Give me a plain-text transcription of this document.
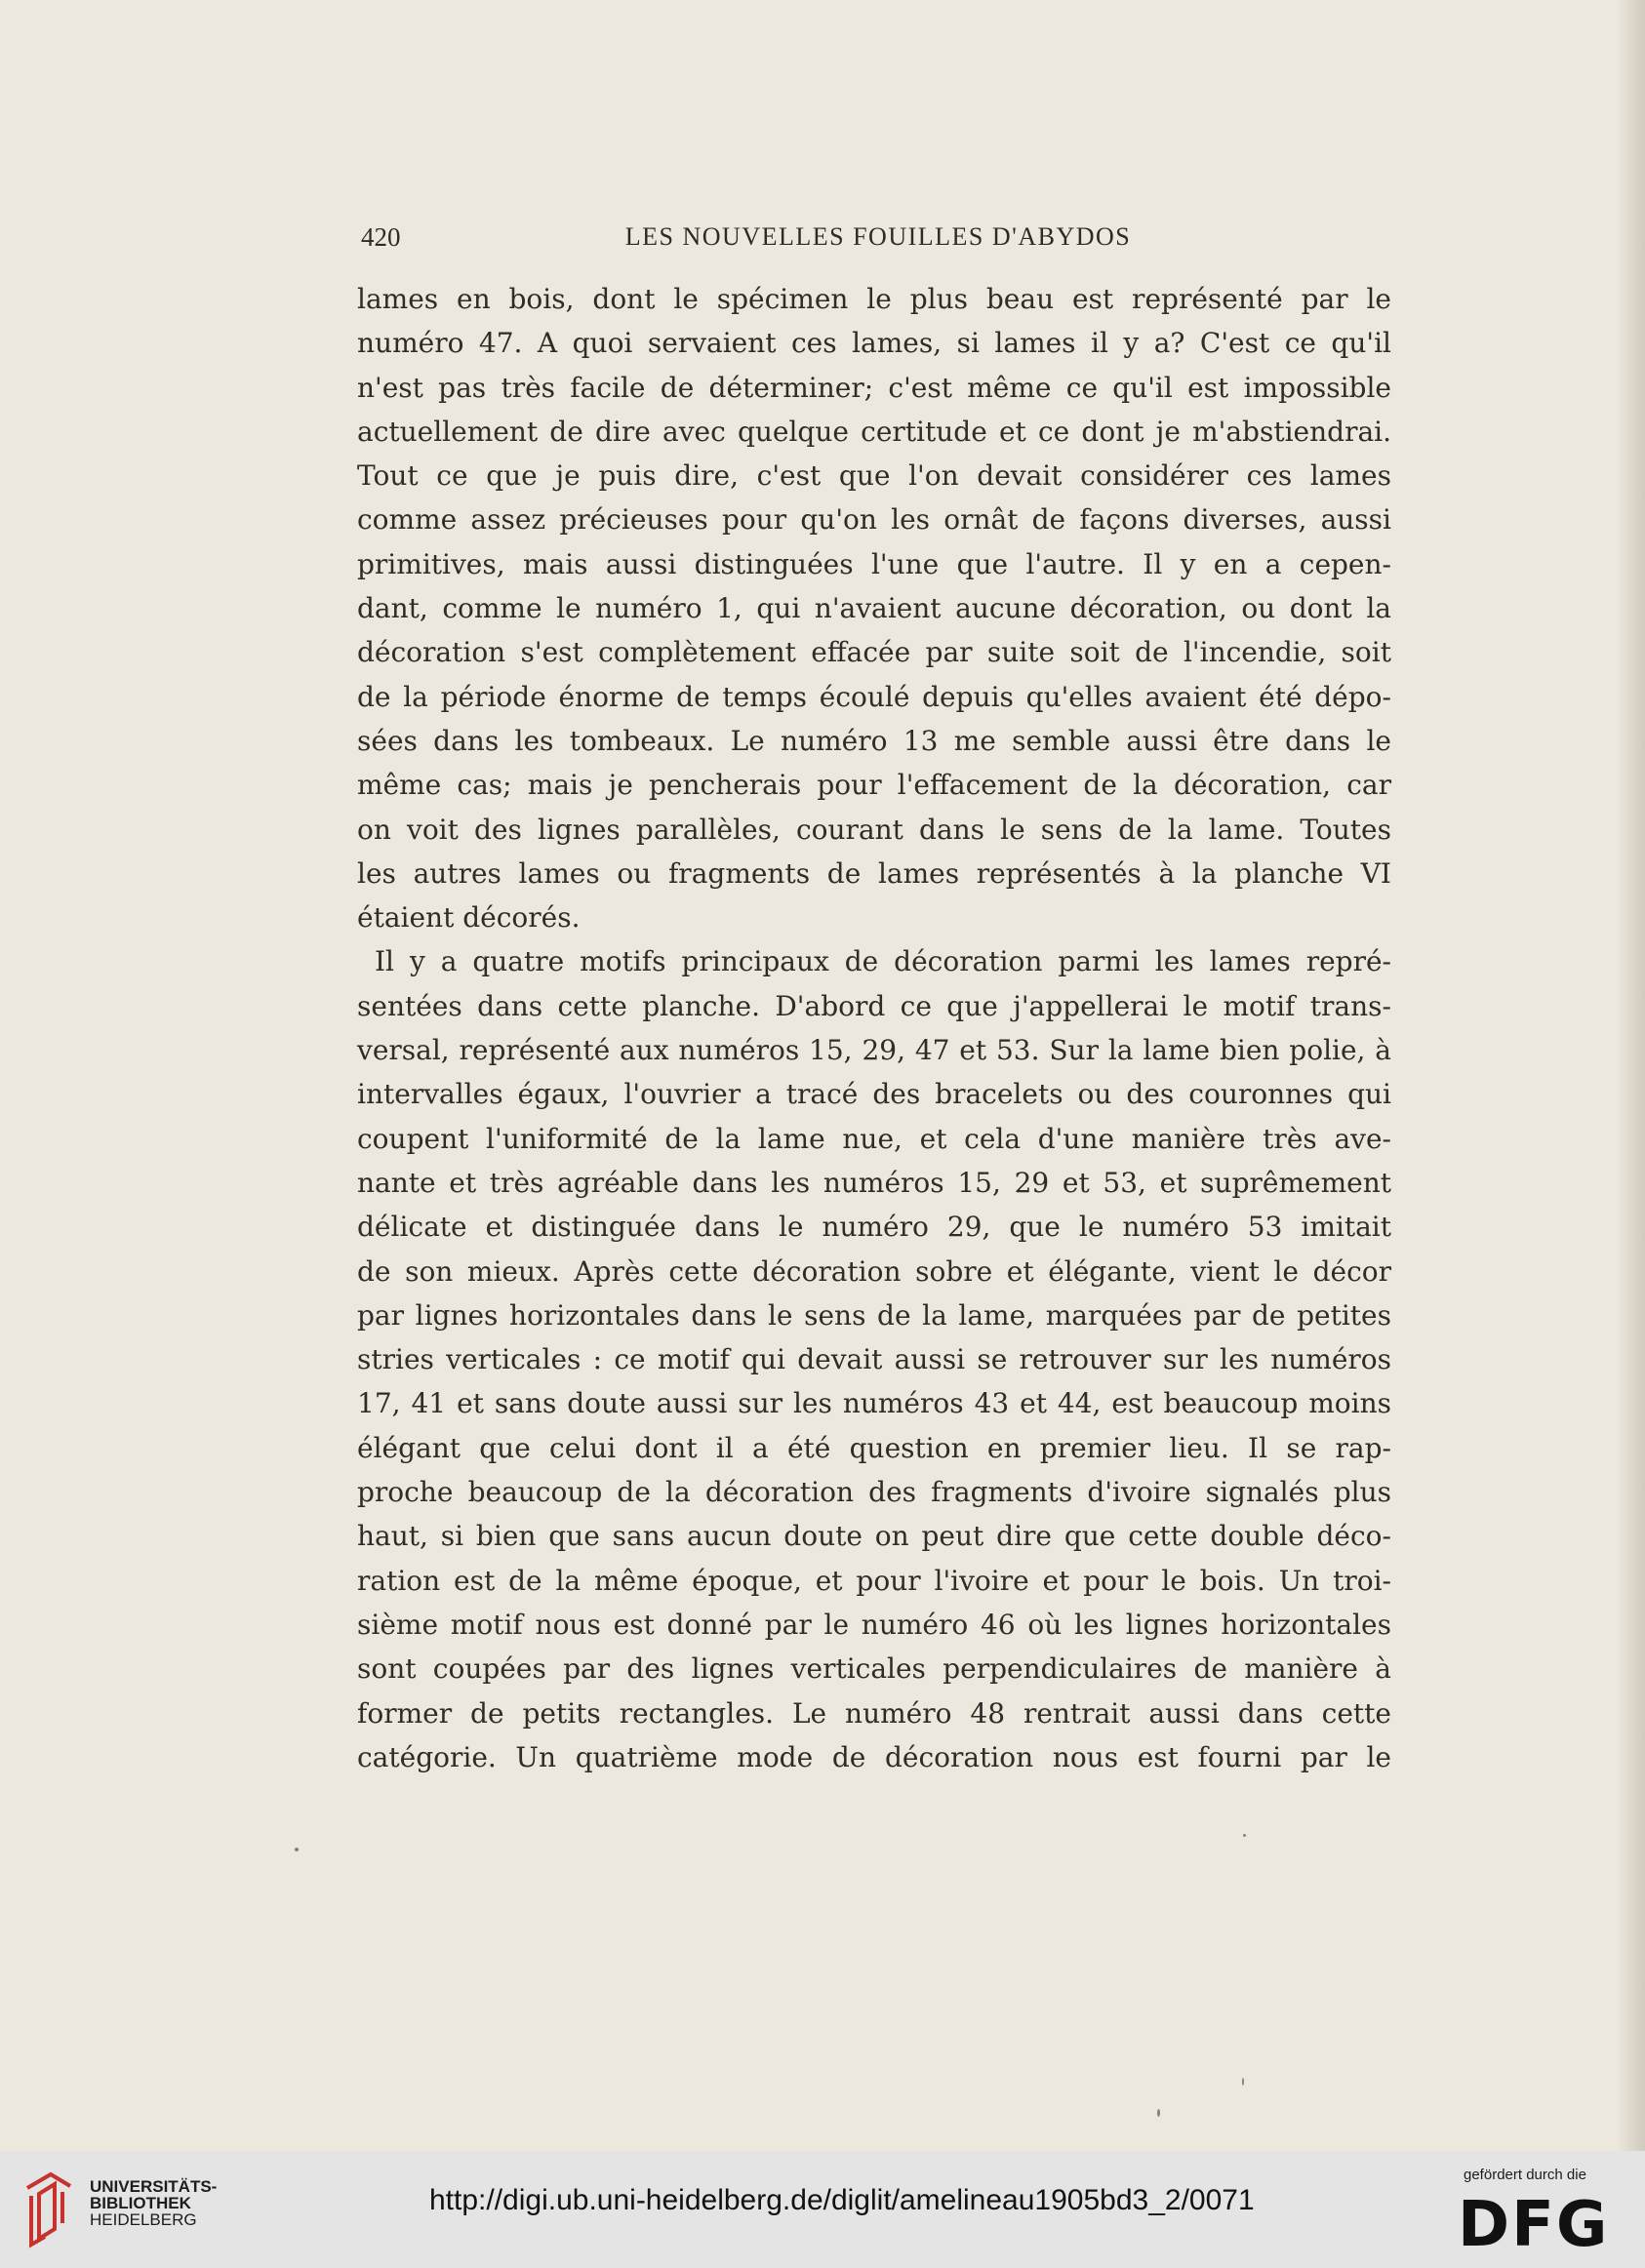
420	LES NOUVELLES FOUILLES D'ABYDOS
lames en bois, dont le spécimen le plus beau est représenté par le
numéro 47. A quoi servaient ces lames, si lames il y a? C'est ce qu'il
n'est pas très facile de déterminer; c'est même ce qu'il est impossible
actuellement de dire avec quelque certitude et ce dont je m'abstiendrai.
Tout ce que je puis dire, c'est que l'on devait considérer ces lames
comme assez précieuses pour qu'on les ornât de façons diverses, aussi
primitives, mais aussi distinguées l'une que l'autre. Il y en a cepen-
dant, comme le numéro 1, qui n'avaient aucune décoration, ou dont la
décoration s'est complètement effacée par suite soit de l'incendie, soit
de la période énorme de temps écoulé depuis qu'elles avaient été dépo-
sées dans les tombeaux. Le numéro 13 me semble aussi être dans le
même cas; mais je pencherais pour l'effacement de la décoration, car
on voit des lignes parallèles, courant dans le sens de la lame. Toutes
les autres lames ou fragments de lames représentés à la planche VI
étaient décorés.
Il y a quatre motifs principaux de décoration parmi les lames repré-
sentées dans cette planche. D'abord ce que j'appellerai le motif trans-
versal, représenté aux numéros 15, 29, 47 et 53. Sur la lame bien polie, à
intervalles égaux, l'ouvrier a tracé des bracelets ou des couronnes qui
coupent l'uniformité de la lame nue, et cela d'une manière très ave-
nante et très agréable dans les numéros 15, 29 et 53, et suprêmement
délicate et distinguée dans le numéro 29, que le numéro 53 imitait
de son mieux. Après cette décoration sobre et élégante, vient le décor
par lignes horizontales dans le sens de la lame, marquées par de petites
stries verticales : ce motif qui devait aussi se retrouver sur les numéros
17, 41 et sans doute aussi sur les numéros 43 et 44, est beaucoup moins
élégant que celui dont il a été question en premier lieu. Il se rap-
proche beaucoup de la décoration des fragments d'ivoire signalés plus
haut, si bien que sans aucun doute on peut dire que cette double déco-
ration est de la même époque, et pour l'ivoire et pour le bois. Un troi-
sième motif nous est donné par le numéro 46 où les lignes horizontales
sont coupées par des lignes verticales perpendiculaires de manière à
former de petits rectangles. Le numéro 48 rentrait aussi dans cette
catégorie. Un quatrième mode de décoration nous est fourni par le
UNIVERSITÄTS-
BIBLIOTHEK
HEIDELBERG
http://digi.ub.uni-heidelberg.de/diglit/amelineau1905bd3_2/0071
gefördert durch die
DFG
